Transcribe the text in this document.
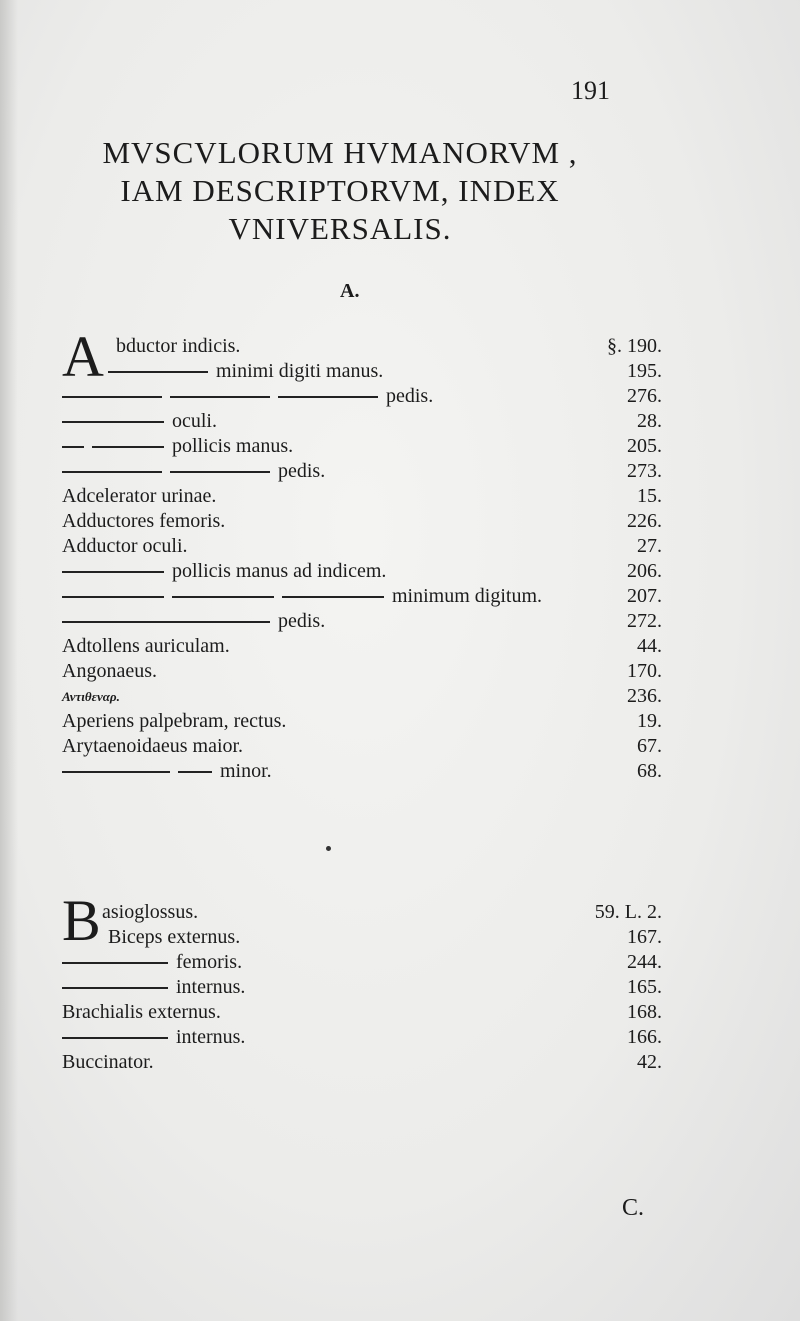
191
MVSCVLORUM HVMANORVM ,
IAM DESCRIPTORVM, INDEX
VNIVERSALIS.
A.
A bductor indicis.	§. 190.
minimi digiti manus.	195.
pedis.	276.
oculi.	28.
pollicis manus.	205.
pedis.	273.
Adcelerator urinae.	15.
Adductores femoris.	226.
Adductor oculi.	27.
pollicis manus ad indicem.	206.
minimum digitum.	207.
pedis.	272.
Adtollens auriculam.	44.
Angonaeus.	170.
Αντιθεναρ.	236.
Aperiens palpebram, rectus.	19.
Arytaenoidaeus maior.	67.
minor.	68.
B asioglossus.	59. L. 2.
Biceps externus.	167.
femoris.	244.
internus.	165.
Brachialis externus.	168.
internus.	166.
Buccinator.	42.
C.
